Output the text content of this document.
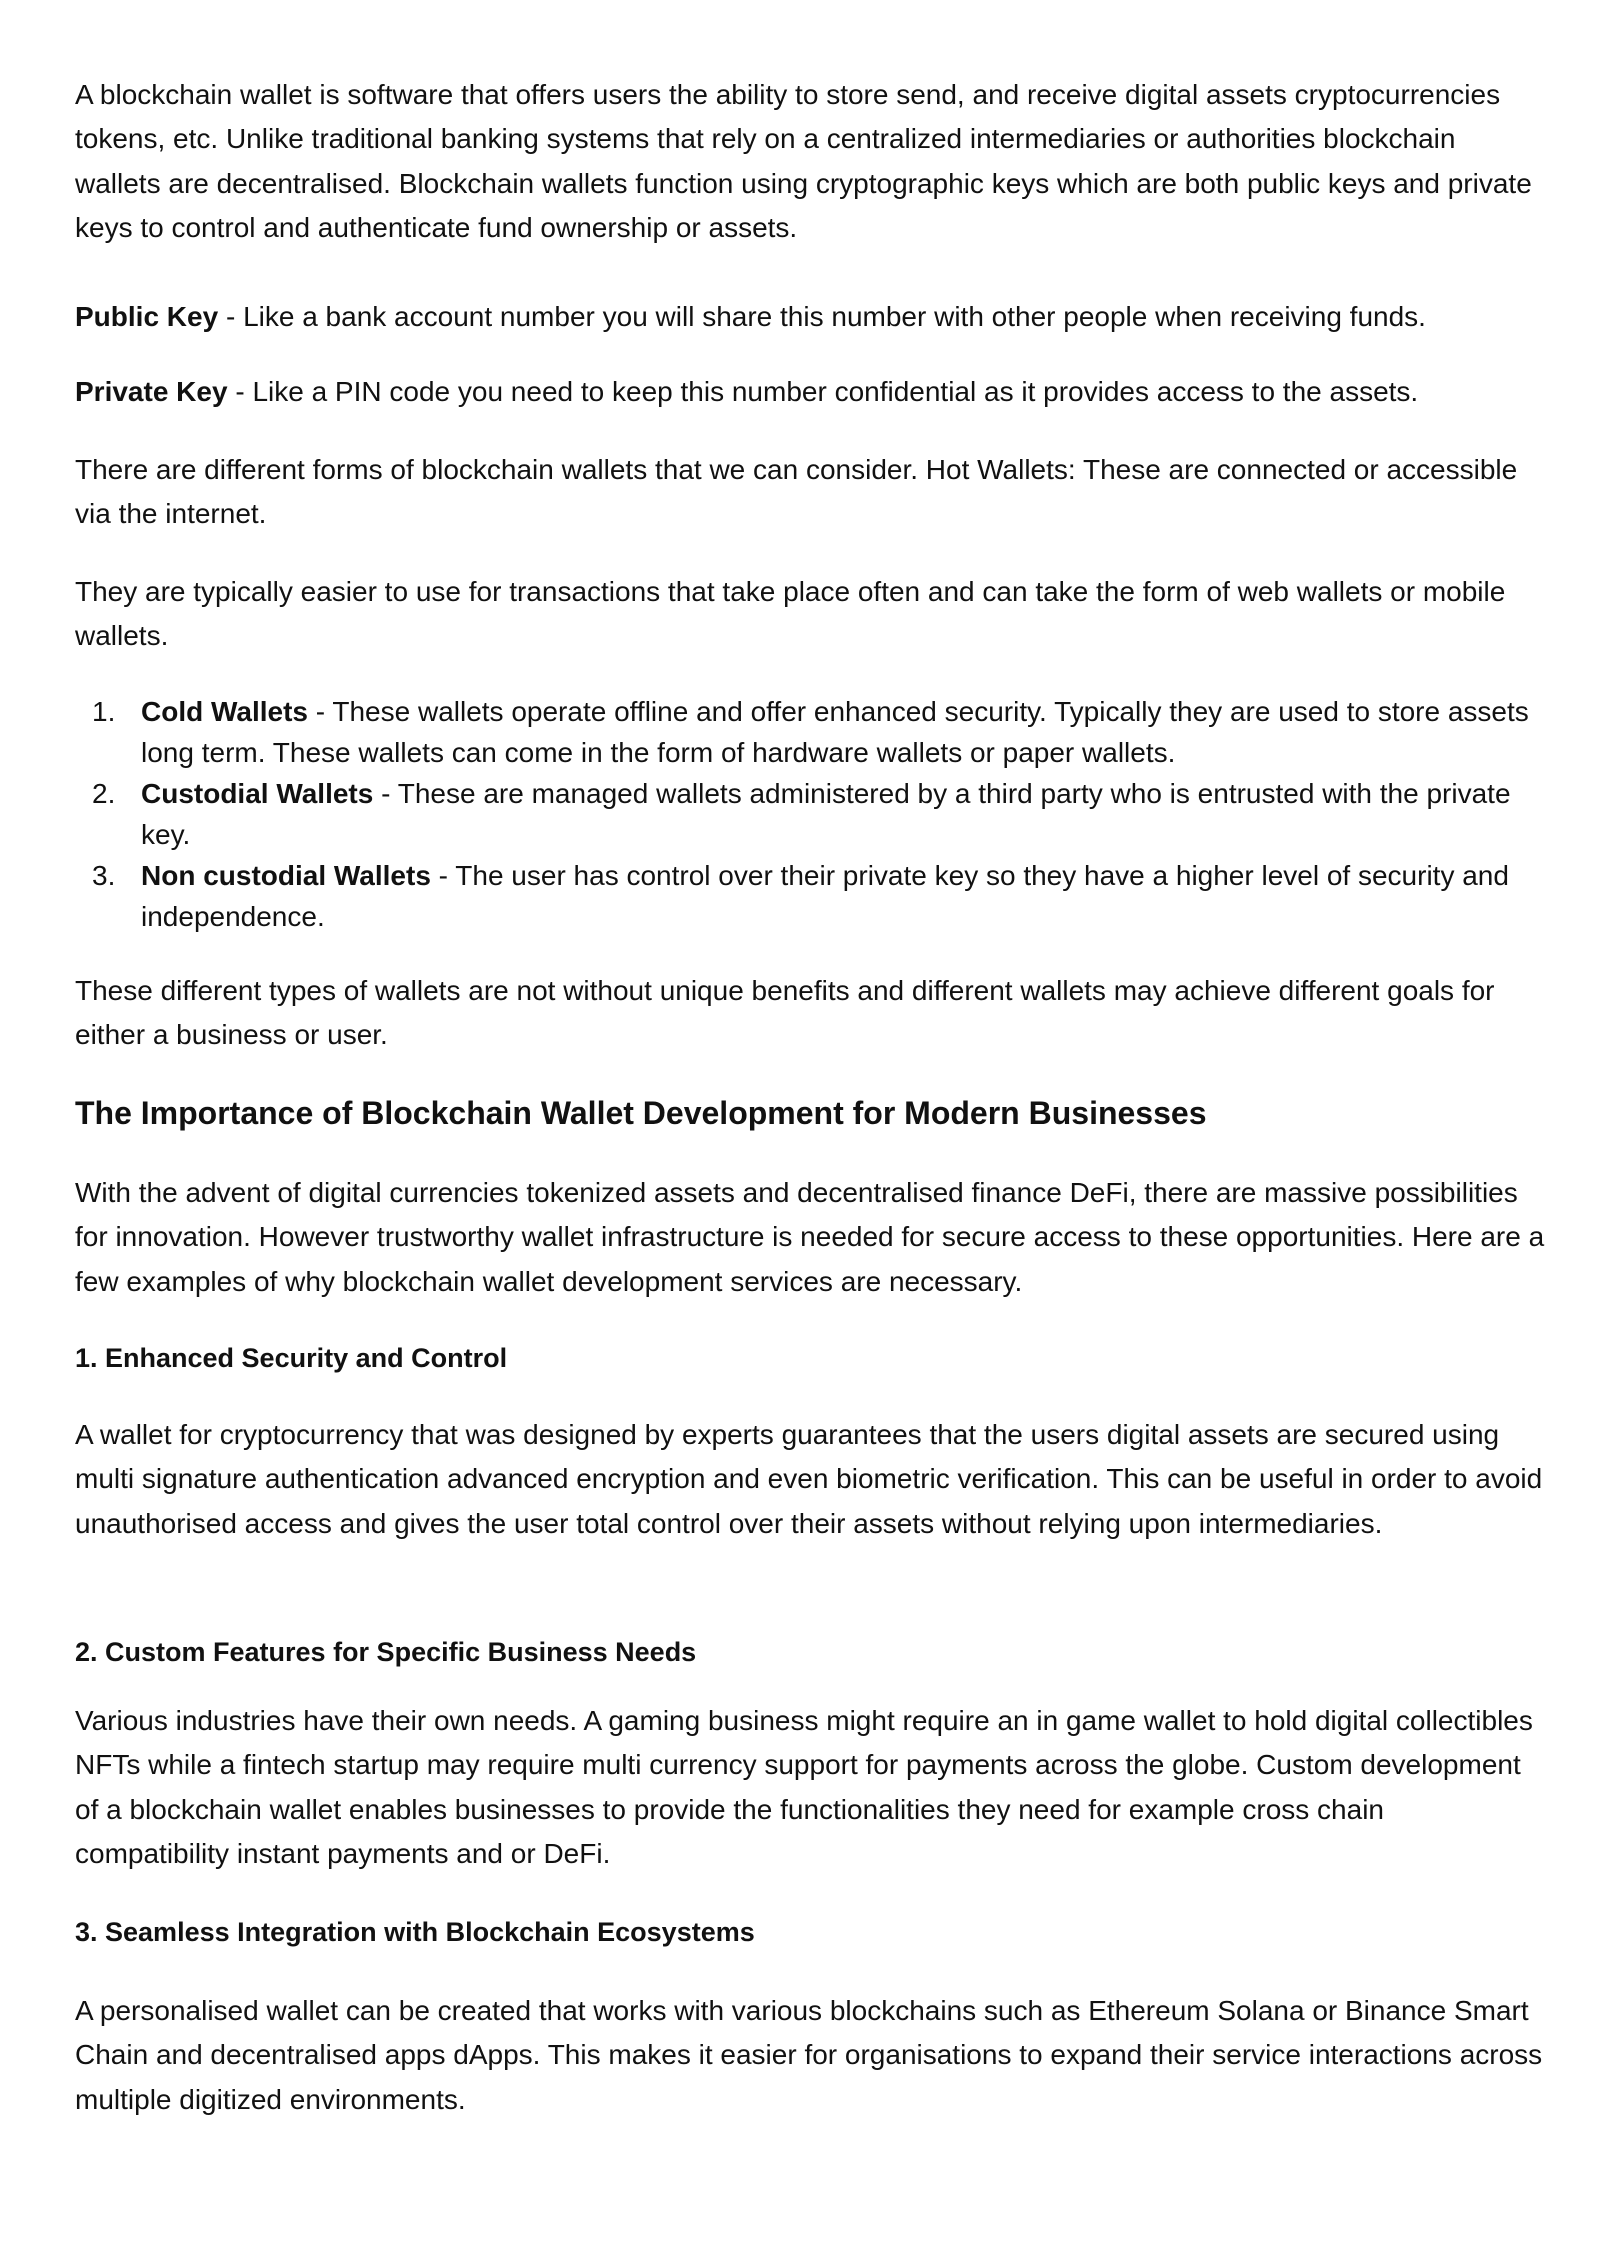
A blockchain wallet is software that offers users the ability to store send, and receive digital assets cryptocurrencies tokens, etc. Unlike traditional banking systems that rely on a centralized intermediaries or authorities blockchain wallets are decentralised. Blockchain wallets function using cryptographic keys which are both public keys and private keys to control and authenticate fund ownership or assets.

Public Key - Like a bank account number you will share this number with other people when receiving funds.

Private Key - Like a PIN code you need to keep this number confidential as it provides access to the assets.

There are different forms of blockchain wallets that we can consider. Hot Wallets: These are connected or accessible via the internet.

They are typically easier to use for transactions that take place often and can take the form of web wallets or mobile wallets.

1. Cold Wallets - These wallets operate offline and offer enhanced security. Typically they are used to store assets long term. These wallets can come in the form of hardware wallets or paper wallets.
2. Custodial Wallets - These are managed wallets administered by a third party who is entrusted with the private key.
3. Non custodial Wallets - The user has control over their private key so they have a higher level of security and independence.

These different types of wallets are not without unique benefits and different wallets may achieve different goals for either a business or user.

The Importance of Blockchain Wallet Development for Modern Businesses

With the advent of digital currencies tokenized assets and decentralised finance DeFi, there are massive possibilities for innovation. However trustworthy wallet infrastructure is needed for secure access to these opportunities. Here are a few examples of why blockchain wallet development services are necessary.

1. Enhanced Security and Control

A wallet for cryptocurrency that was designed by experts guarantees that the users digital assets are secured using multi signature authentication advanced encryption and even biometric verification. This can be useful in order to avoid unauthorised access and gives the user total control over their assets without relying upon intermediaries.

2. Custom Features for Specific Business Needs

Various industries have their own needs. A gaming business might require an in game wallet to hold digital collectibles NFTs while a fintech startup may require multi currency support for payments across the globe. Custom development of a blockchain wallet enables businesses to provide the functionalities they need for example cross chain compatibility instant payments and or DeFi.

3. Seamless Integration with Blockchain Ecosystems

A personalised wallet can be created that works with various blockchains such as Ethereum Solana or Binance Smart Chain and decentralised apps dApps. This makes it easier for organisations to expand their service interactions across multiple digitized environments.
